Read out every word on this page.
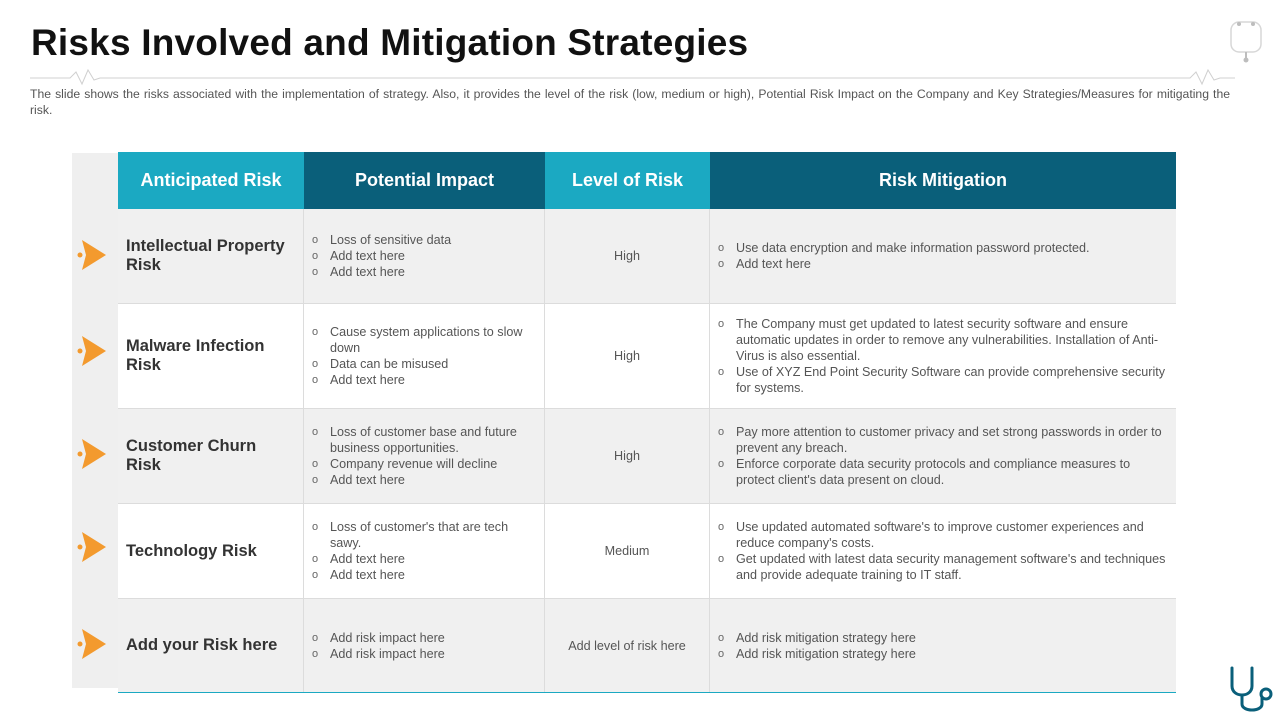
Risks Involved and Mitigation Strategies

The slide shows the risks associated with the implementation of strategy. Also, it provides the level of the risk (low, medium or high), Potential Risk Impact on the Company and Key Strategies/Measures for mitigating the risk.

Anticipated Risk	Potential Impact	Level of Risk	Risk Mitigation
Intellectual Property Risk
o Loss of sensitive data
o Add text here
o Add text here
High
o Use data encryption and make information password protected.
o Add text here
Malware Infection Risk
o Cause system applications to slow down
o Data can be misused
o Add text here
High
o The Company must get updated to latest security software and ensure automatic updates in order to remove any vulnerabilities. Installation of Anti-Virus is also essential.
o Use of XYZ End Point Security Software can provide comprehensive security for systems.
Customer Churn Risk
o Loss of customer base and future business opportunities.
o Company revenue will decline
o Add text here
High
o Pay more attention to customer privacy and set strong passwords in order to prevent any breach.
o Enforce corporate data security protocols and compliance measures to protect client's data present on cloud.
Technology Risk
o Loss of customer's that are tech sawy.
o Add text here
o Add text here
Medium
o Use updated automated software's to improve customer experiences and reduce company's costs.
o Get updated with latest data security management software's and techniques and provide adequate training to IT staff.
Add your Risk here
o	Add risk impact here
o Add risk impact here
Add level of risk here
o Add risk mitigation strategy here
o Add risk mitigation strategy here
